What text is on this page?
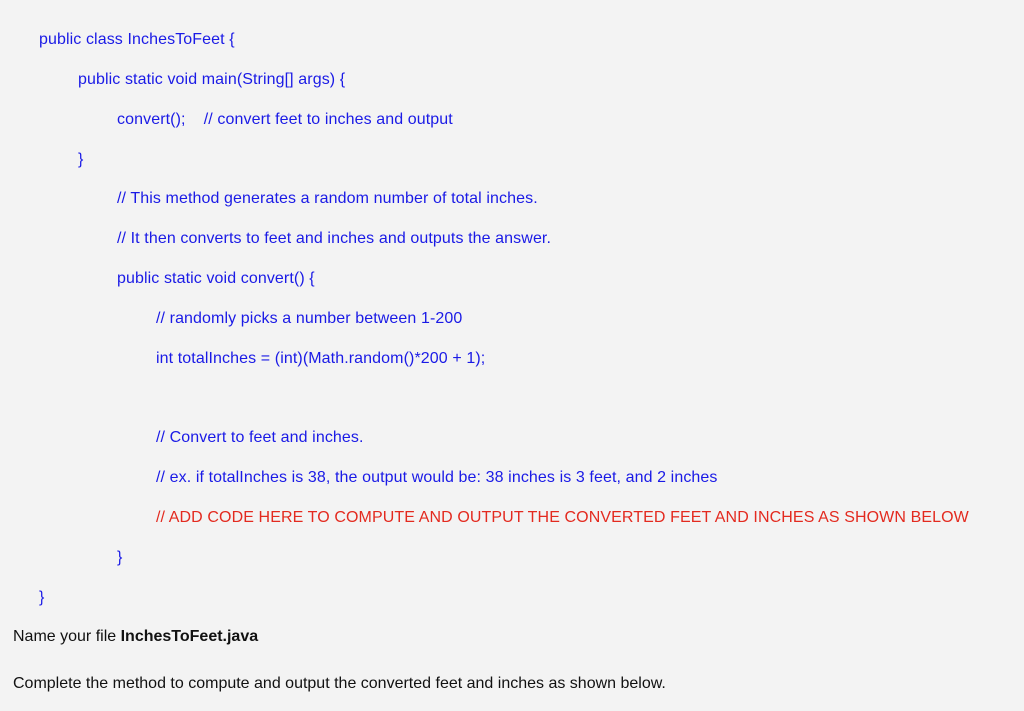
public class InchesToFeet {
public static void main(String[] args) {
convert();    // convert feet to inches and output
}
// This method generates a random number of total inches.
// It then converts to feet and inches and outputs the answer.
public static void convert() {
// randomly picks a number between 1-200
int totalInches = (int)(Math.random()*200 + 1);
// Convert to feet and inches.
// ex. if totalInches is 38, the output would be: 38 inches is 3 feet, and 2 inches
// ADD CODE HERE TO COMPUTE AND OUTPUT THE CONVERTED FEET AND INCHES AS SHOWN BELOW
}
}
Name your file InchesToFeet.java
Complete the method to compute and output the converted feet and inches as shown below.
